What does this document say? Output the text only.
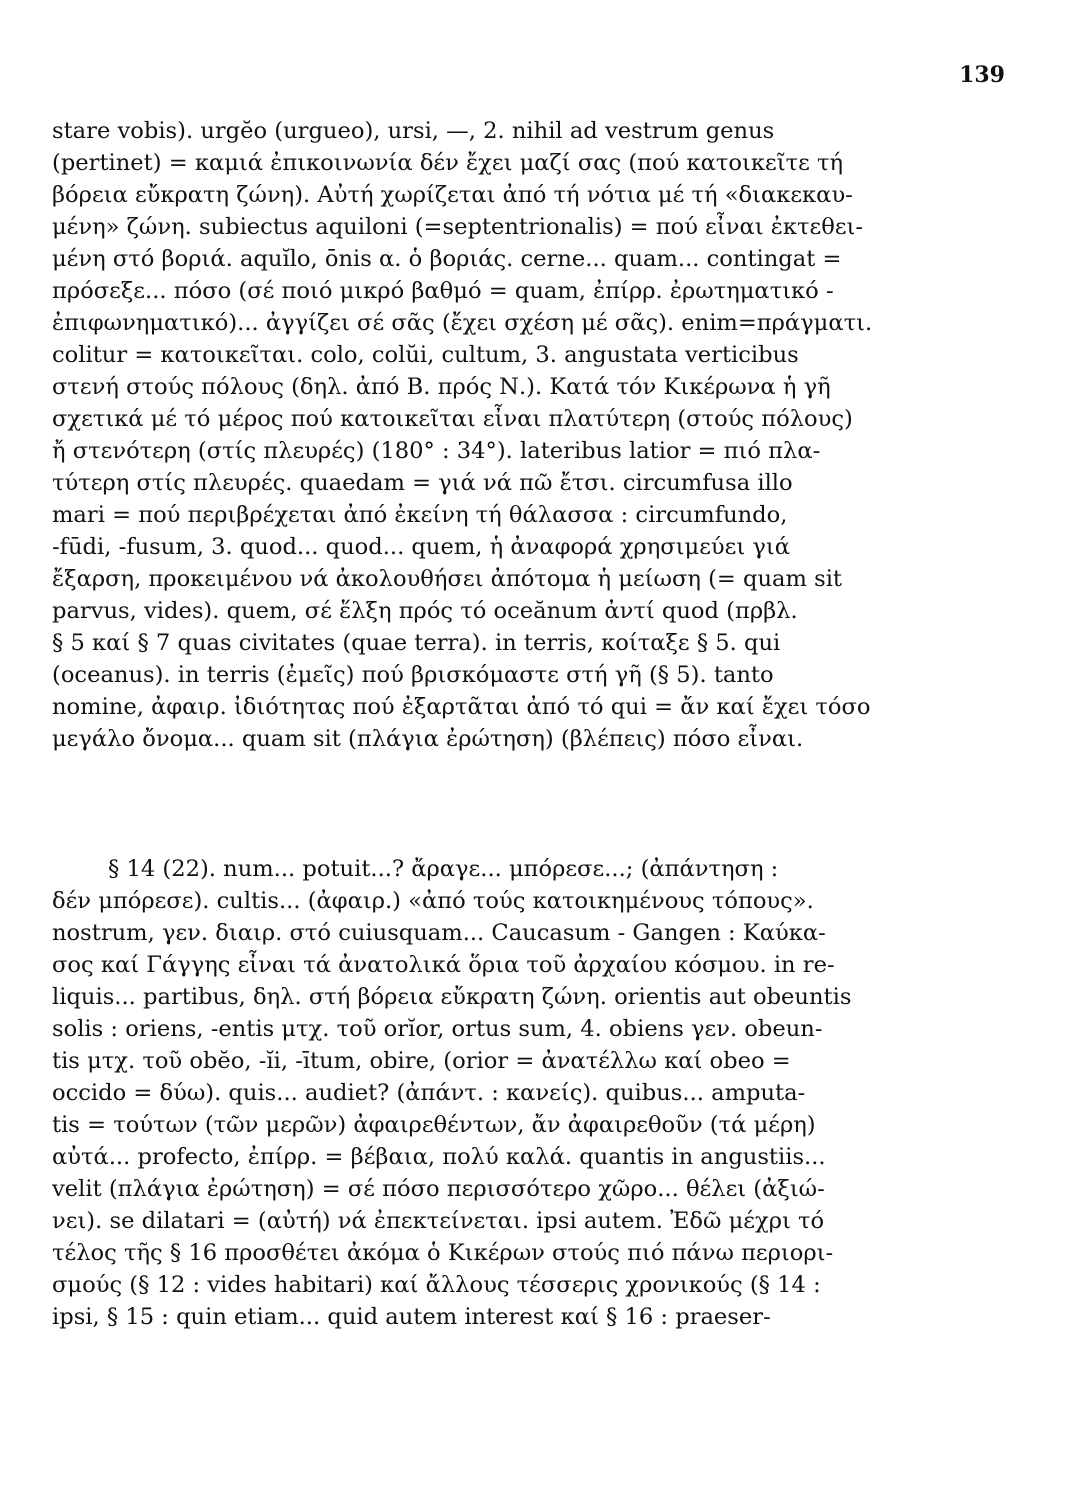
139
stare vobis). urgĕo (urgueo), ursi, —, 2. nihil ad vestrum genus
(pertinet) = καμιά ἐπικοινωνία δέν ἔχει μαζί σας (πού κατοικεῖτε τή
βόρεια εὔκρατη ζώνη). Αὐτή χωρίζεται ἀπό τή νότια μέ τή «διακεκαυ-
μένη» ζώνη. subiectus aquiloni (=septentrionalis) = πού εἶναι ἐκτεθει-
μένη στό βοριά. aquĭlo, ōnis α. ὁ βοριάς. cerne... quam... contingat =
πρόσεξε... πόσο (σέ ποιό μικρό βαθμό = quam, ἐπίρρ. ἐρωτηματικό -
ἐπιφωνηματικό)... ἀγγίζει σέ σᾶς (ἔχει σχέση μέ σᾶς). enim=πράγματι.
colitur = κατοικεῖται. colo, colŭi, cultum, 3. angustata verticibus
στενή στούς πόλους (δηλ. ἀπό Β. πρός Ν.). Κατά τόν Κικέρωνα ἡ γῆ
σχετικά μέ τό μέρος πού κατοικεῖται εἶναι πλατύτερη (στούς πόλους)
ἤ στενότερη (στίς πλευρές) (180° : 34°). lateribus latior = πιό πλα-
τύτερη στίς πλευρές. quaedam = γιά νά πῶ ἔτσι. circumfusa illo
mari = πού περιβρέχεται ἀπό ἐκείνη τή θάλασσα : circumfundo,
-fūdi, -fusum, 3. quod... quod... quem, ἡ ἀναφορά χρησιμεύει γιά
ἔξαρση, προκειμένου νά ἀκολουθήσει ἀπότομα ἡ μείωση (= quam sit
parvus, vides). quem, σέ ἕλξη πρός τό oceănum ἀντί quod (πρβλ.
§ 5 καί § 7 quas civitates (quae terra). in terris, κοίταξε § 5. qui
(oceanus). in terris (ἐμεῖς) πού βρισκόμαστε στή γῆ (§ 5). tanto
nomine, ἀφαιρ. ἰδιότητας πού ἐξαρτᾶται ἀπό τό qui = ἄν καί ἔχει τόσο
μεγάλο ὄνομα... quam sit (πλάγια ἐρώτηση) (βλέπεις) πόσο εἶναι.
§ 14 (22). num... potuit...? ἄραγε... μπόρεσε...; (ἀπάντηση :
δέν μπόρεσε). cultis... (ἀφαιρ.) «ἀπό τούς κατοικημένους τόπους».
nostrum, γεν. διαιρ. στό cuiusquam... Caucasum - Gangen : Καύκα-
σος καί Γάγγης εἶναι τά ἀνατολικά ὅρια τοῦ ἀρχαίου κόσμου. in re-
liquis... partibus, δηλ. στή βόρεια εὔκρατη ζώνη. orientis aut obeuntis
solis : oriens, -entis μτχ. τοῦ orĭor, ortus sum, 4. obiens γεν. obeun-
tis μτχ. τοῦ obĕo, -ĭi, -ītum, obire, (orior = ἀνατέλλω καί obeo =
occido = δύω). quis... audiet? (ἀπάντ. : κανείς). quibus... amputa-
tis = τούτων (τῶν μερῶν) ἀφαιρεθέντων, ἄν ἀφαιρεθοῦν (τά μέρη)
αὐτά... profecto, ἐπίρρ. = βέβαια, πολύ καλά. quantis in angustiis...
velit (πλάγια ἐρώτηση) = σέ πόσο περισσότερο χῶρο... θέλει (ἀξιώ-
νει). se dilatari = (αὐτή) νά ἐπεκτείνεται. ipsi autem. Ἐδῶ μέχρι τό
τέλος τῆς § 16 προσθέτει ἀκόμα ὁ Κικέρων στούς πιό πάνω περιορι-
σμούς (§ 12 : vides habitari) καί ἄλλους τέσσερις χρονικούς (§ 14 :
ipsi, § 15 : quin etiam... quid autem interest καί § 16 : praeser-
